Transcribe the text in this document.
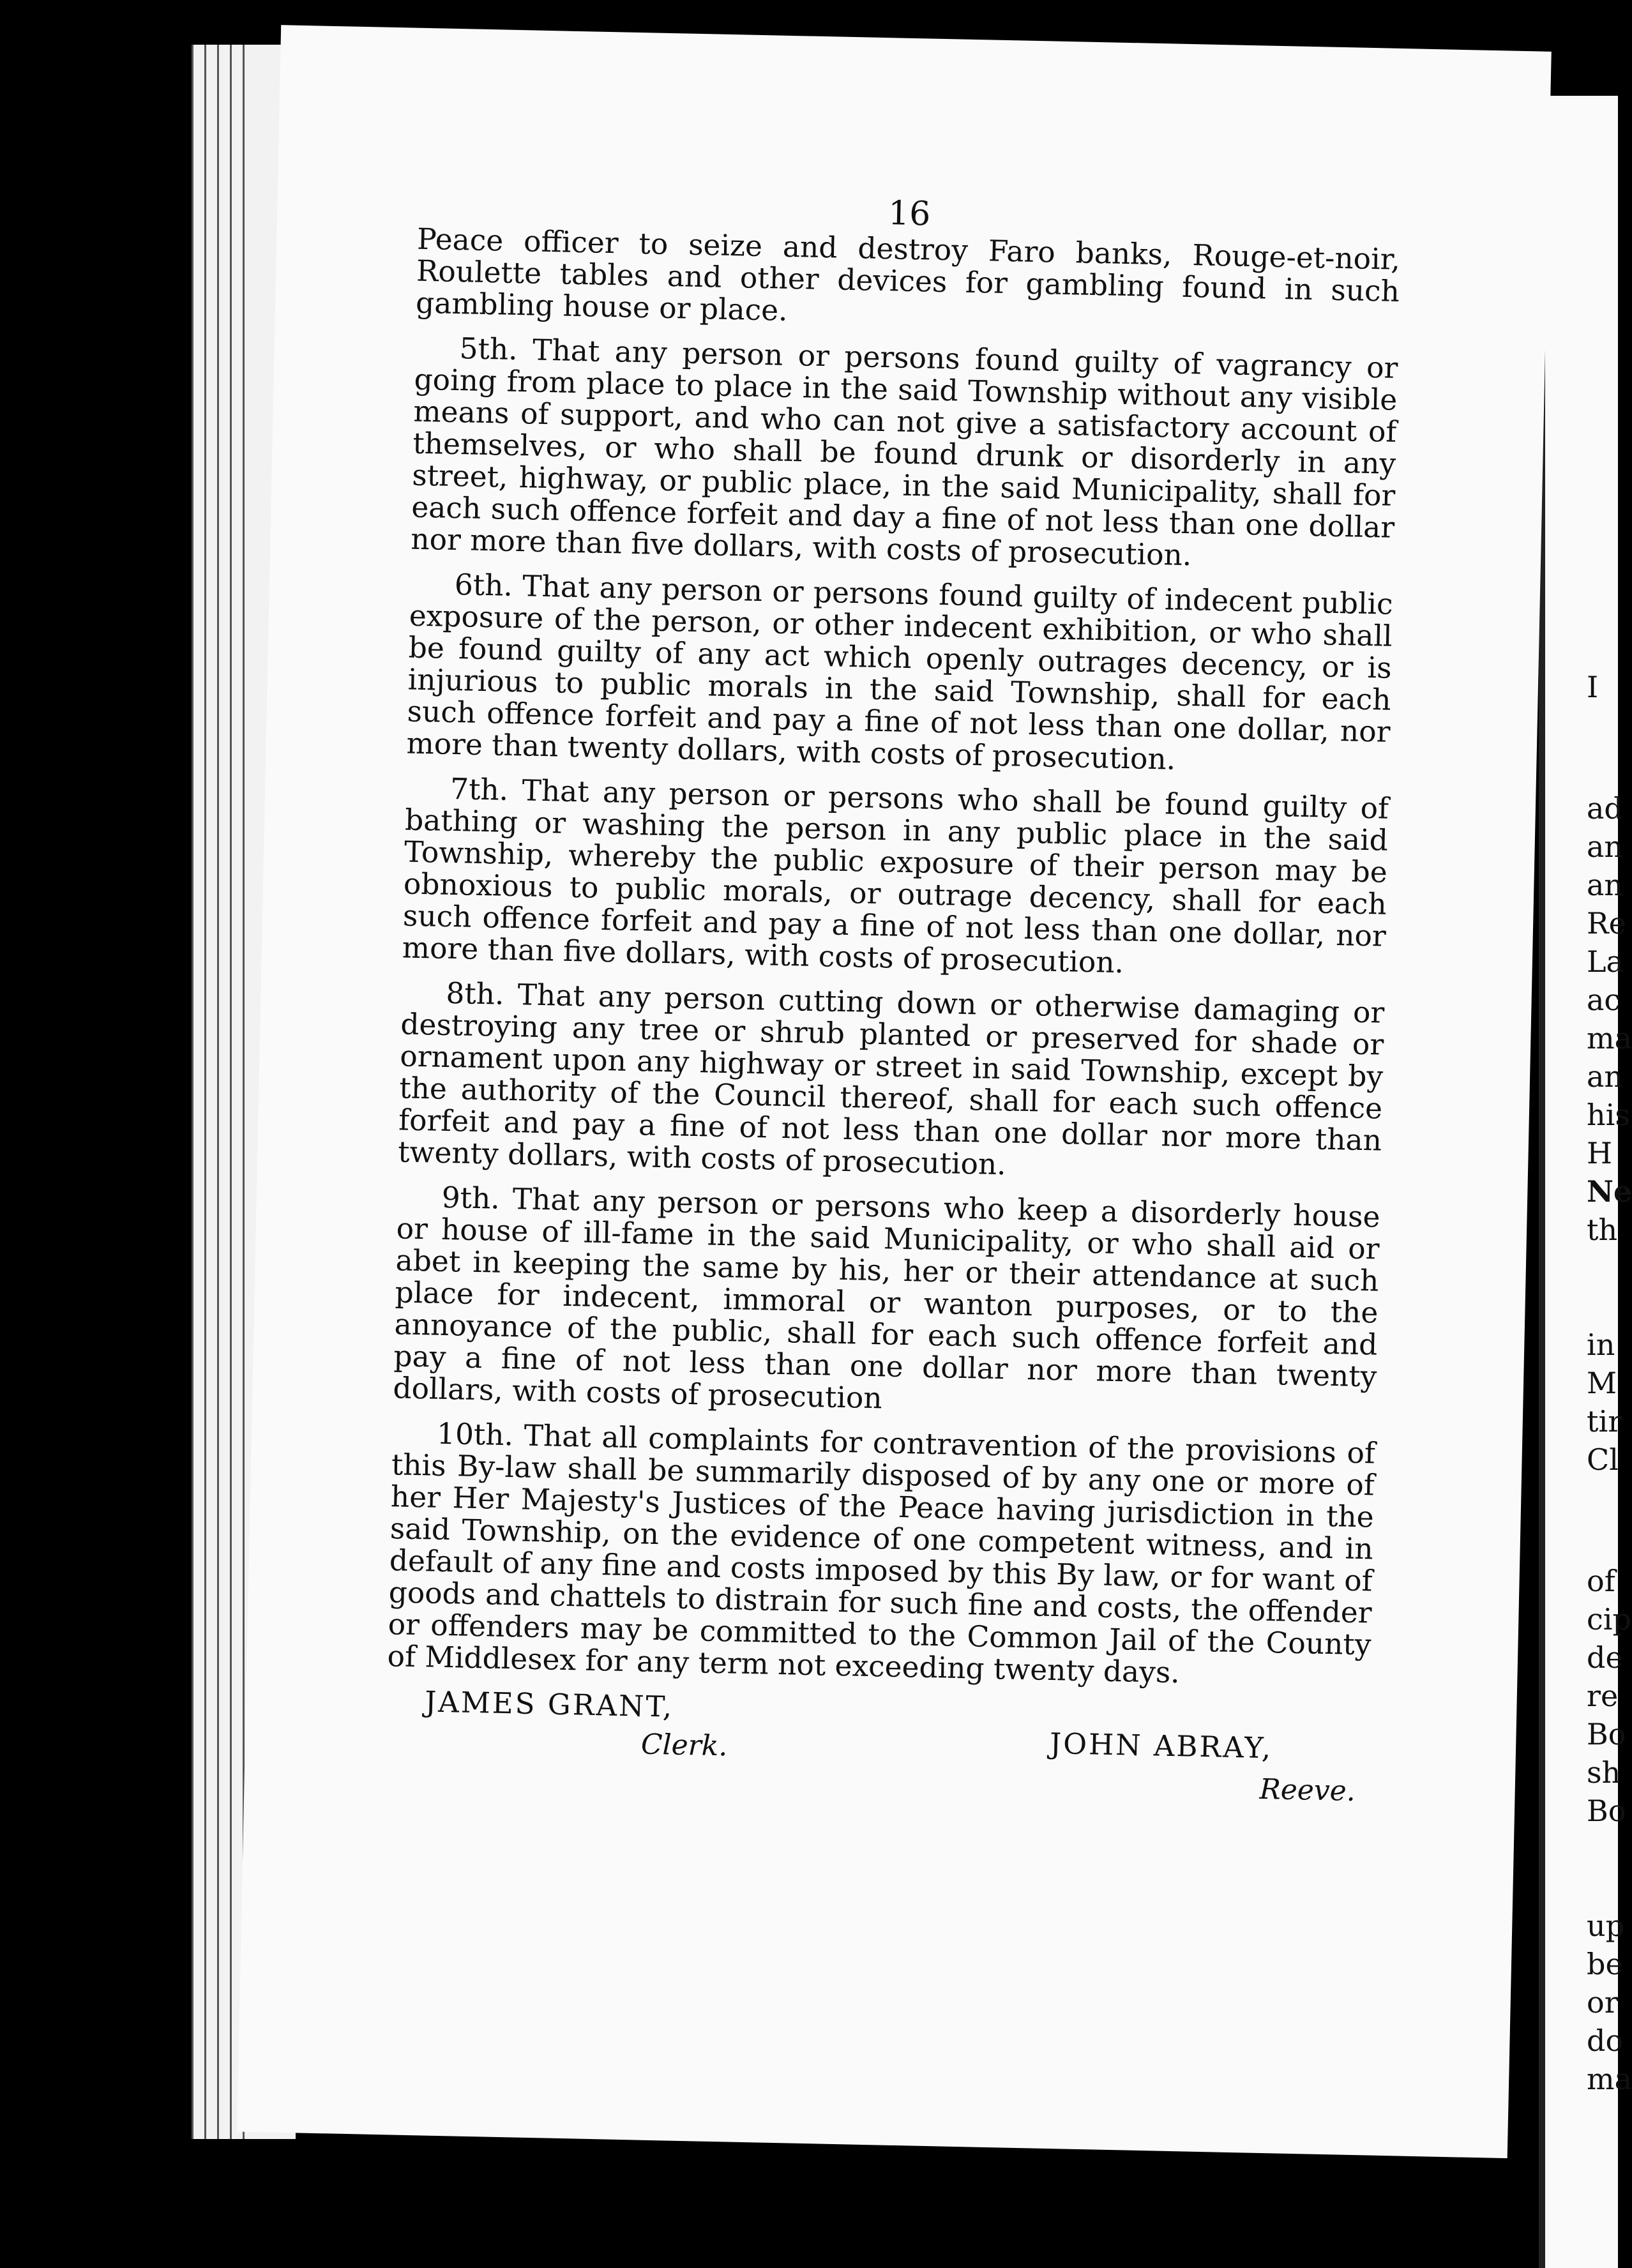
I
ad
an
an
Re
La
ac
ma
an
his
H
Ne
th
in
M
tir
Cl
of
cip
de
re
Bo
sh
Bo
up
be
or
do
ma
16

Peace officer to seize and destroy Faro banks, Rouge-et-noir, Roulette tables and other devices for gambling found in such gambling house or place.

5th. That any person or persons found guilty of vagrancy or going from place to place in the said Township without any visible means of support, and who can not give a satisfactory account of themselves, or who shall be found drunk or disorderly in any street, highway, or public place, in the said Municipality, shall for each such offence forfeit and day a fine of not less than one dollar nor more than five dollars, with costs of prosecution.

6th. That any person or persons found guilty of indecent public exposure of the person, or other indecent exhibition, or who shall be found guilty of any act which openly outrages decency, or is injurious to public morals in the said Township, shall for each such offence forfeit and pay a fine of not less than one dollar, nor more than twenty dollars, with costs of prosecution.

7th. That any person or persons who shall be found guilty of bathing or washing the person in any public place in the said Township, whereby the public exposure of their person may be obnoxious to public morals, or outrage decency, shall for each such offence forfeit and pay a fine of not less than one dollar, nor more than five dollars, with costs of prosecution.

8th. That any person cutting down or otherwise damaging or destroying any tree or shrub planted or preserved for shade or ornament upon any highway or street in said Township, except by the authority of the Council thereof, shall for each such offence forfeit and pay a fine of not less than one dollar nor more than twenty dollars, with costs of prosecution.

9th. That any person or persons who keep a disorderly house or house of ill-fame in the said Municipality, or who shall aid or abet in keeping the same by his, her or their attendance at such place for indecent, immoral or wanton purposes, or to the annoyance of the public, shall for each such offence forfeit and pay a fine of not less than one dollar nor more than twenty dollars, with costs of prosecution

10th. That all complaints for contravention of the provisions of this By-law shall be summarily disposed of by any one or more of her Her Majesty's Justices of the Peace having jurisdiction in the said Township, on the evidence of one competent witness, and in default of any fine and costs imposed by this By law, or for want of goods and chattels to distrain for such fine and costs, the offender or offenders may be committed to the Common Jail of the County of Middlesex for any term not exceeding twenty days.

JAMES GRANT,
Clerk.	JOHN ABRAY,
Reeve.
